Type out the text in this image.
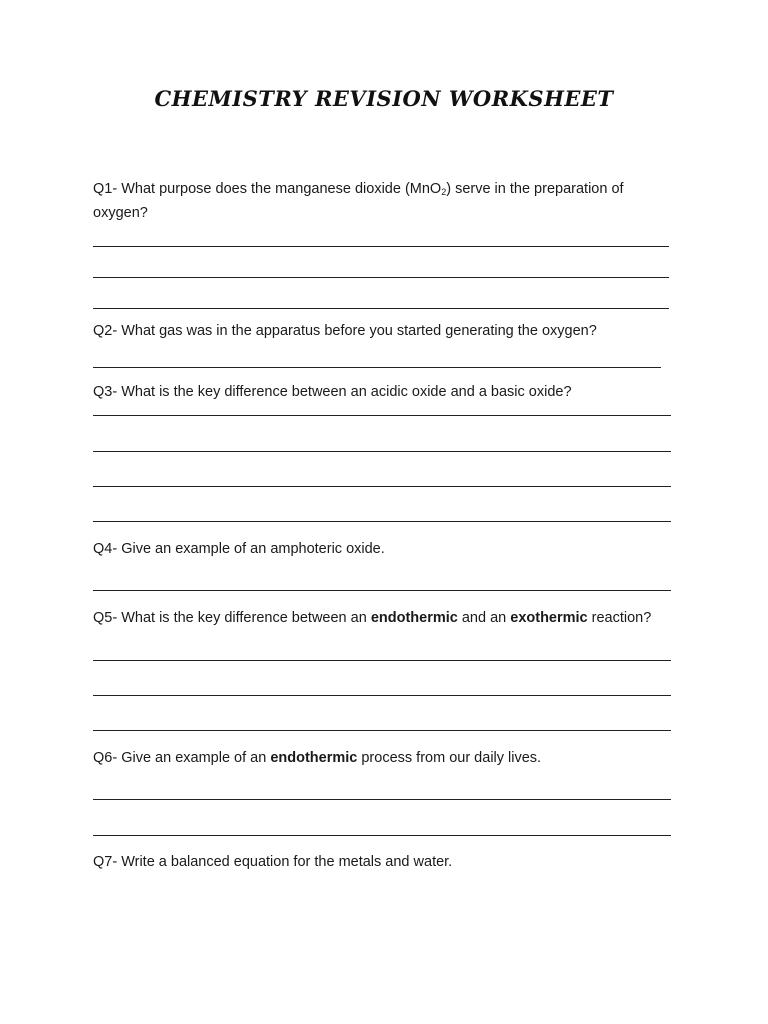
CHEMISTRY REVISION WORKSHEET
Q1- What purpose does the manganese dioxide (MnO$_2$) serve in the preparation of oxygen?
Q2- What gas was in the apparatus before you started generating the oxygen?
Q3- What is the key difference between an acidic oxide and a basic oxide?
Q4- Give an example of an amphoteric oxide.
Q5- What is the key difference between an endothermic and an exothermic reaction?
Q6- Give an example of an endothermic process from our daily lives.
Q7- Write a balanced equation for the metals and water.
